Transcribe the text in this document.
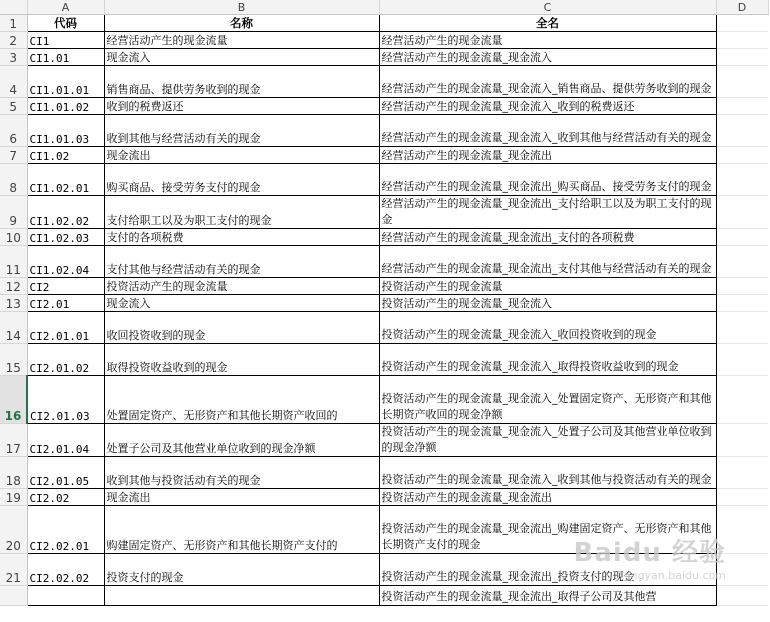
	A	B	C	D
1	代码	名称	全名	
2	CI1	经营活动产生的现金流量	经营活动产生的现金流量	
3	CI1.01	现金流入	经营活动产生的现金流量_现金流入	
4	CI1.01.01	销售商品、提供劳务收到的现金	经营活动产生的现金流量_现金流入_销售商品、提供劳务收到的现金	
5	CI1.01.02	收到的税费返还	经营活动产生的现金流量_现金流入_收到的税费返还	
6	CI1.01.03	收到其他与经营活动有关的现金	经营活动产生的现金流量_现金流入_收到其他与经营活动有关的现金	
7	CI1.02	现金流出	经营活动产生的现金流量_现金流出	
8	CI1.02.01	购买商品、接受劳务支付的现金	经营活动产生的现金流量_现金流出_购买商品、接受劳务支付的现金	
9	CI1.02.02	支付给职工以及为职工支付的现金	经营活动产生的现金流量_现金流出_支付给职工以及为职工支付的现金	
10	CI1.02.03	支付的各项税费	经营活动产生的现金流量_现金流出_支付的各项税费	
11	CI1.02.04	支付其他与经营活动有关的现金	经营活动产生的现金流量_现金流出_支付其他与经营活动有关的现金	
12	CI2	投资活动产生的现金流量	投资活动产生的现金流量	
13	CI2.01	现金流入	投资活动产生的现金流量_现金流入	
14	CI2.01.01	收回投资收到的现金	投资活动产生的现金流量_现金流入_收回投资收到的现金	
15	CI2.01.02	取得投资收益收到的现金	投资活动产生的现金流量_现金流入_取得投资收益收到的现金	
16	CI2.01.03	处置固定资产、无形资产和其他长期资产收回的	投资活动产生的现金流量_现金流入_处置固定资产、无形资产和其他长期资产收回的现金净额	
17	CI2.01.04	处置子公司及其他营业单位收到的现金净额	投资活动产生的现金流量_现金流入_处置子公司及其他营业单位收到的现金净额	
18	CI2.01.05	收到其他与投资活动有关的现金	投资活动产生的现金流量_现金流入_收到其他与投资活动有关的现金	
19	CI2.02	现金流出	投资活动产生的现金流量_现金流出	
20	CI2.02.01	购建固定资产、无形资产和其他长期资产支付的	投资活动产生的现金流量_现金流出_购建固定资产、无形资产和其他长期资产支付的现金	
21	CI2.02.02	投资支付的现金	投资活动产生的现金流量_现金流出_投资支付的现金	
			投资活动产生的现金流量_现金流出_取得子公司及其他营	
Baidu 经验
jingyan.baidu.com
